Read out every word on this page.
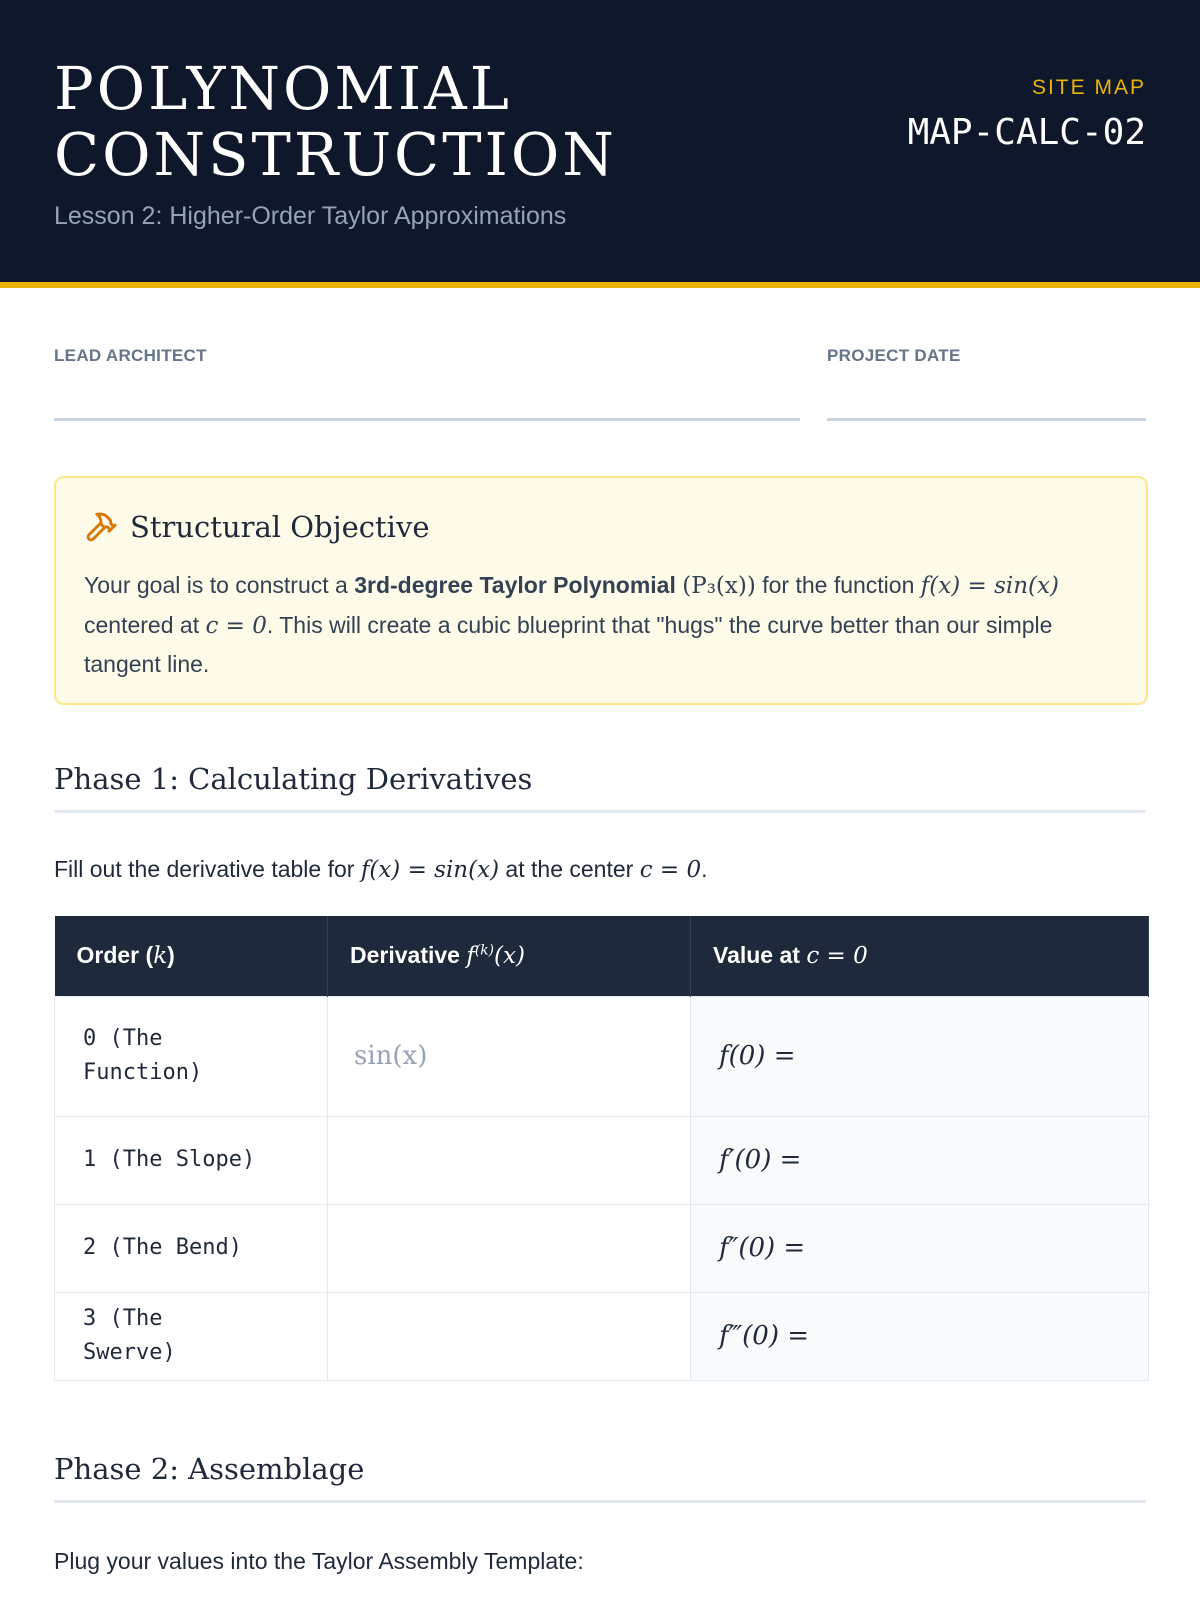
POLYNOMIAL
CONSTRUCTION
Lesson 2: Higher-Order Taylor Approximations
SITE MAP
MAP-CALC-02
LEAD ARCHITECT	PROJECT DATE
Structural Objective
Your goal is to construct a 3rd-degree Taylor Polynomial (P₃(x)) for the function f(x) = sin(x) centered at c = 0. This will create a cubic blueprint that "hugs" the curve better than our simple tangent line.
Phase 1: Calculating Derivatives
Fill out the derivative table for f(x) = sin(x) at the center c = 0.
Order (k)	Derivative $f^{(k)}(x)$	Value at c = 0
0 (The Function)	sin(x)	f(0) =
1 (The Slope)		f′(0) =
2 (The Bend)		f″(0) =
3 (The Swerve)		f‴(0) =
Phase 2: Assemblage
Plug your values into the Taylor Assembly Template:
